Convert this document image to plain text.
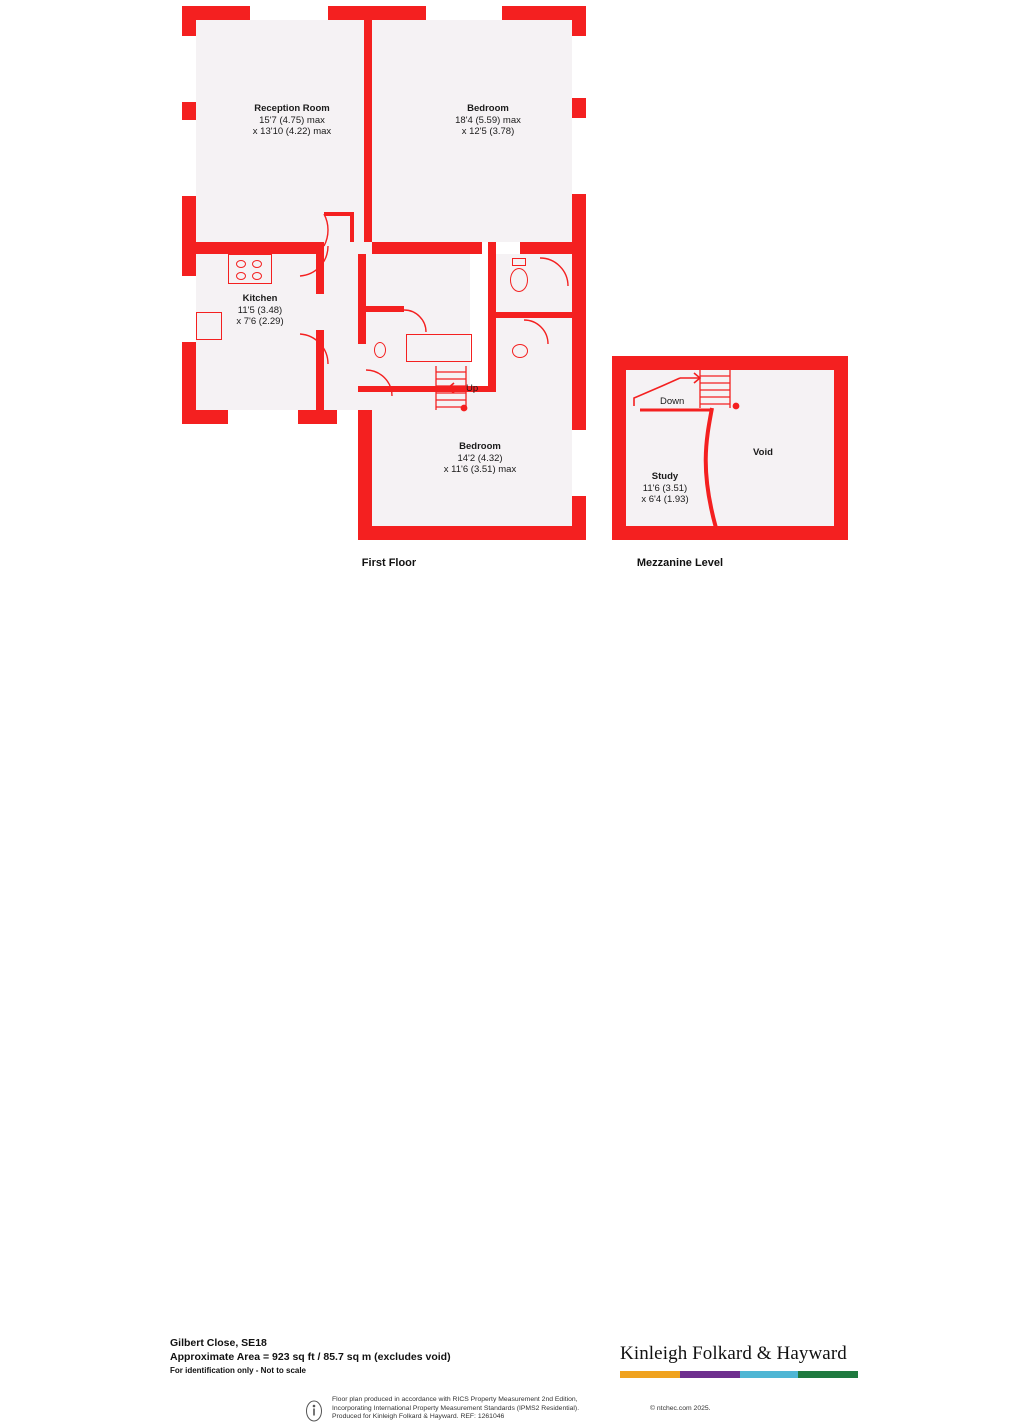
Reception Room
15'7 (4.75) max
x 13'10 (4.22) max
Bedroom
18'4 (5.59) max
x 12'5 (3.78)
Kitchen
11'5 (3.48)
x 7'6 (2.29)
Bedroom
14'2 (4.32)
x 11'6 (3.51) max
Up
First Floor
Void
Study
11'6 (3.51)
x 6'4 (1.93)
Down
Mezzanine Level
Gilbert Close, SE18
Approximate Area = 923 sq ft / 85.7 sq m (excludes void)
For identification only - Not to scale
Kinleigh Folkard & Hayward
Floor plan produced in accordance with RICS Property Measurement 2nd Edition,
Incorporating International Property Measurement Standards (IPMS2 Residential).
Produced for Kinleigh Folkard & Hayward. REF: 1261046
© ntchec.com 2025.
